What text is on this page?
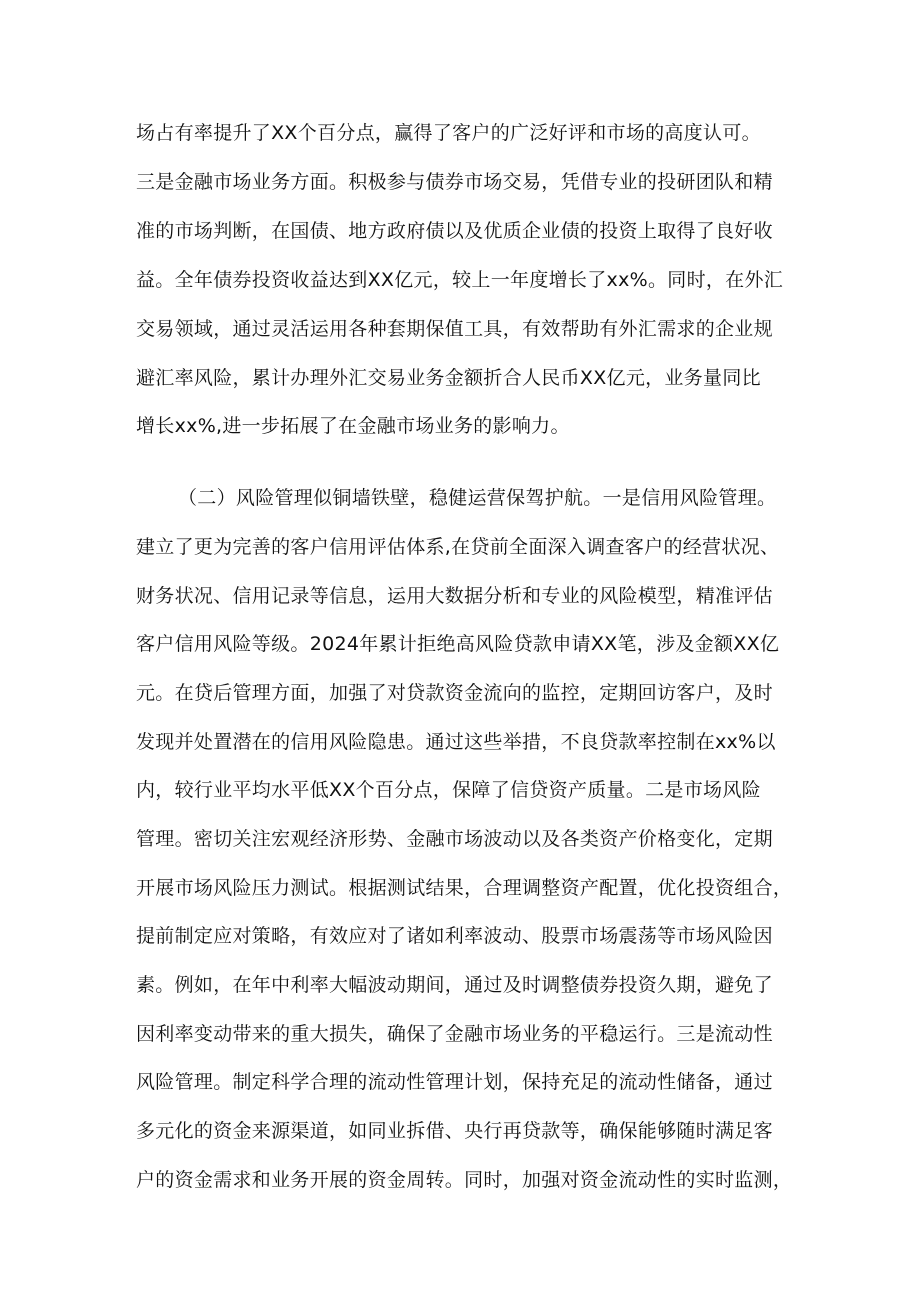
场占有率提升了XX个百分点，赢得了客户的广泛好评和市场的高度认可。
三是金融市场业务方面。积极参与债券市场交易，凭借专业的投研团队和精
准的市场判断，在国债、地方政府债以及优质企业债的投资上取得了良好收
益。全年债券投资收益达到XX亿元，较上一年度增长了xx%。同时，在外汇
交易领域，通过灵活运用各种套期保值工具，有效帮助有外汇需求的企业规
避汇率风险，累计办理外汇交易业务金额折合人民币XX亿元，业务量同比
增长xx%,进一步拓展了在金融市场业务的影响力。
（二）风险管理似铜墙铁壁，稳健运营保驾护航。一是信用风险管理。
建立了更为完善的客户信用评估体系,在贷前全面深入调查客户的经营状况、
财务状况、信用记录等信息，运用大数据分析和专业的风险模型，精准评估
客户信用风险等级。2024年累计拒绝高风险贷款申请XX笔，涉及金额XX亿
元。在贷后管理方面，加强了对贷款资金流向的监控，定期回访客户，及时
发现并处置潜在的信用风险隐患。通过这些举措，不良贷款率控制在xx%以
内，较行业平均水平低XX个百分点，保障了信贷资产质量。二是市场风险
管理。密切关注宏观经济形势、金融市场波动以及各类资产价格变化，定期
开展市场风险压力测试。根据测试结果，合理调整资产配置，优化投资组合，
提前制定应对策略，有效应对了诸如利率波动、股票市场震荡等市场风险因
素。例如，在年中利率大幅波动期间，通过及时调整债券投资久期，避免了
因利率变动带来的重大损失，确保了金融市场业务的平稳运行。三是流动性
风险管理。制定科学合理的流动性管理计划，保持充足的流动性储备，通过
多元化的资金来源渠道，如同业拆借、央行再贷款等，确保能够随时满足客
户的资金需求和业务开展的资金周转。同时，加强对资金流动性的实时监测，
